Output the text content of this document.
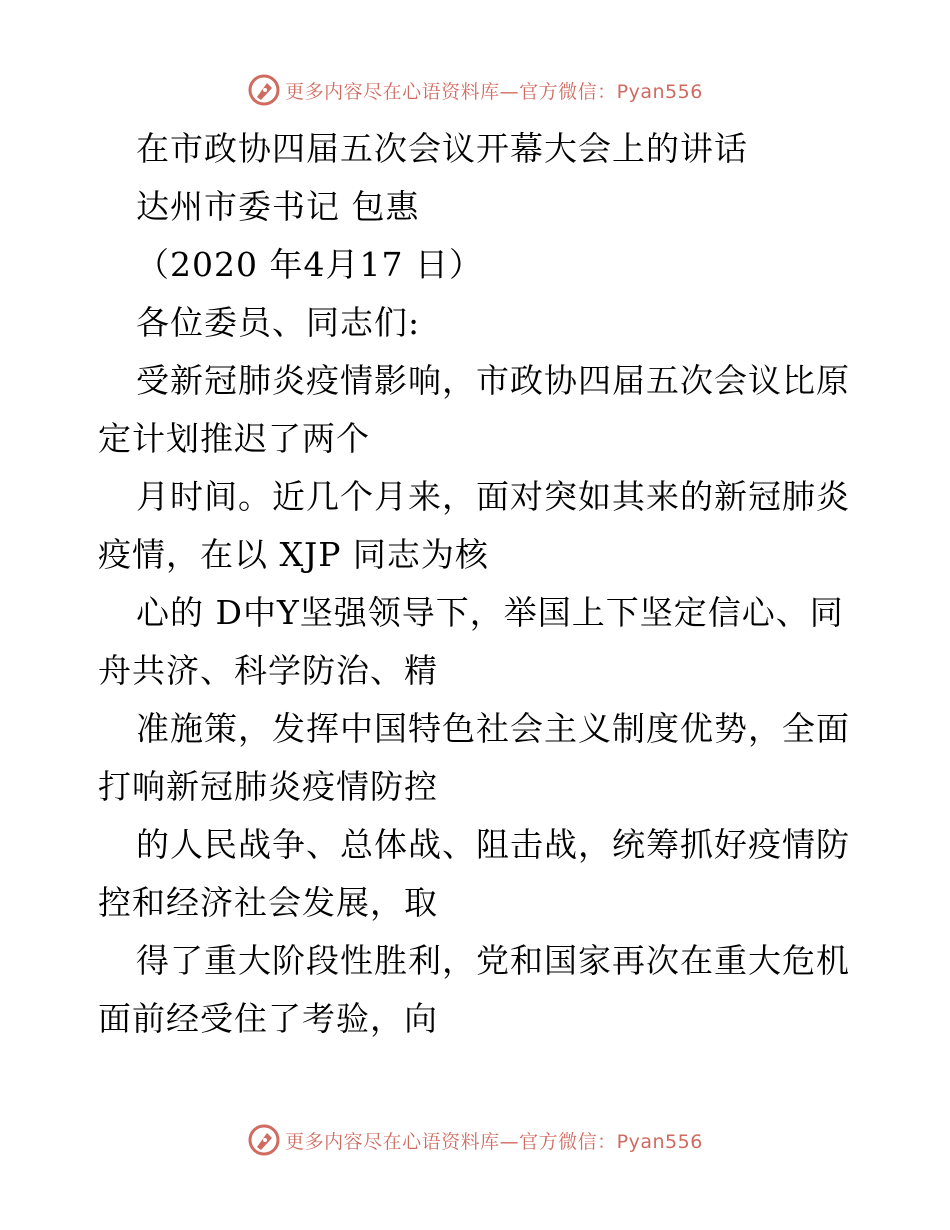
更多内容尽在心语资料库—官方微信：Pyan556
在市政协四届五次会议开幕大会上的讲话
达州市委书记 包惠
（2020 年4月17 日）
各位委员、同志们:
受新冠肺炎疫情影响，市政协四届五次会议比原
定计划推迟了两个
月时间。近几个月来，面对突如其来的新冠肺炎
疫情，在以 XJP 同志为核
心的 D中Y坚强领导下，举国上下坚定信心、同
舟共济、科学防治、精
准施策，发挥中国特色社会主义制度优势，全面
打响新冠肺炎疫情防控
的人民战争、总体战、阻击战，统筹抓好疫情防
控和经济社会发展，取
得了重大阶段性胜利，党和国家再次在重大危机
面前经受住了考验，向
更多内容尽在心语资料库—官方微信：Pyan556
